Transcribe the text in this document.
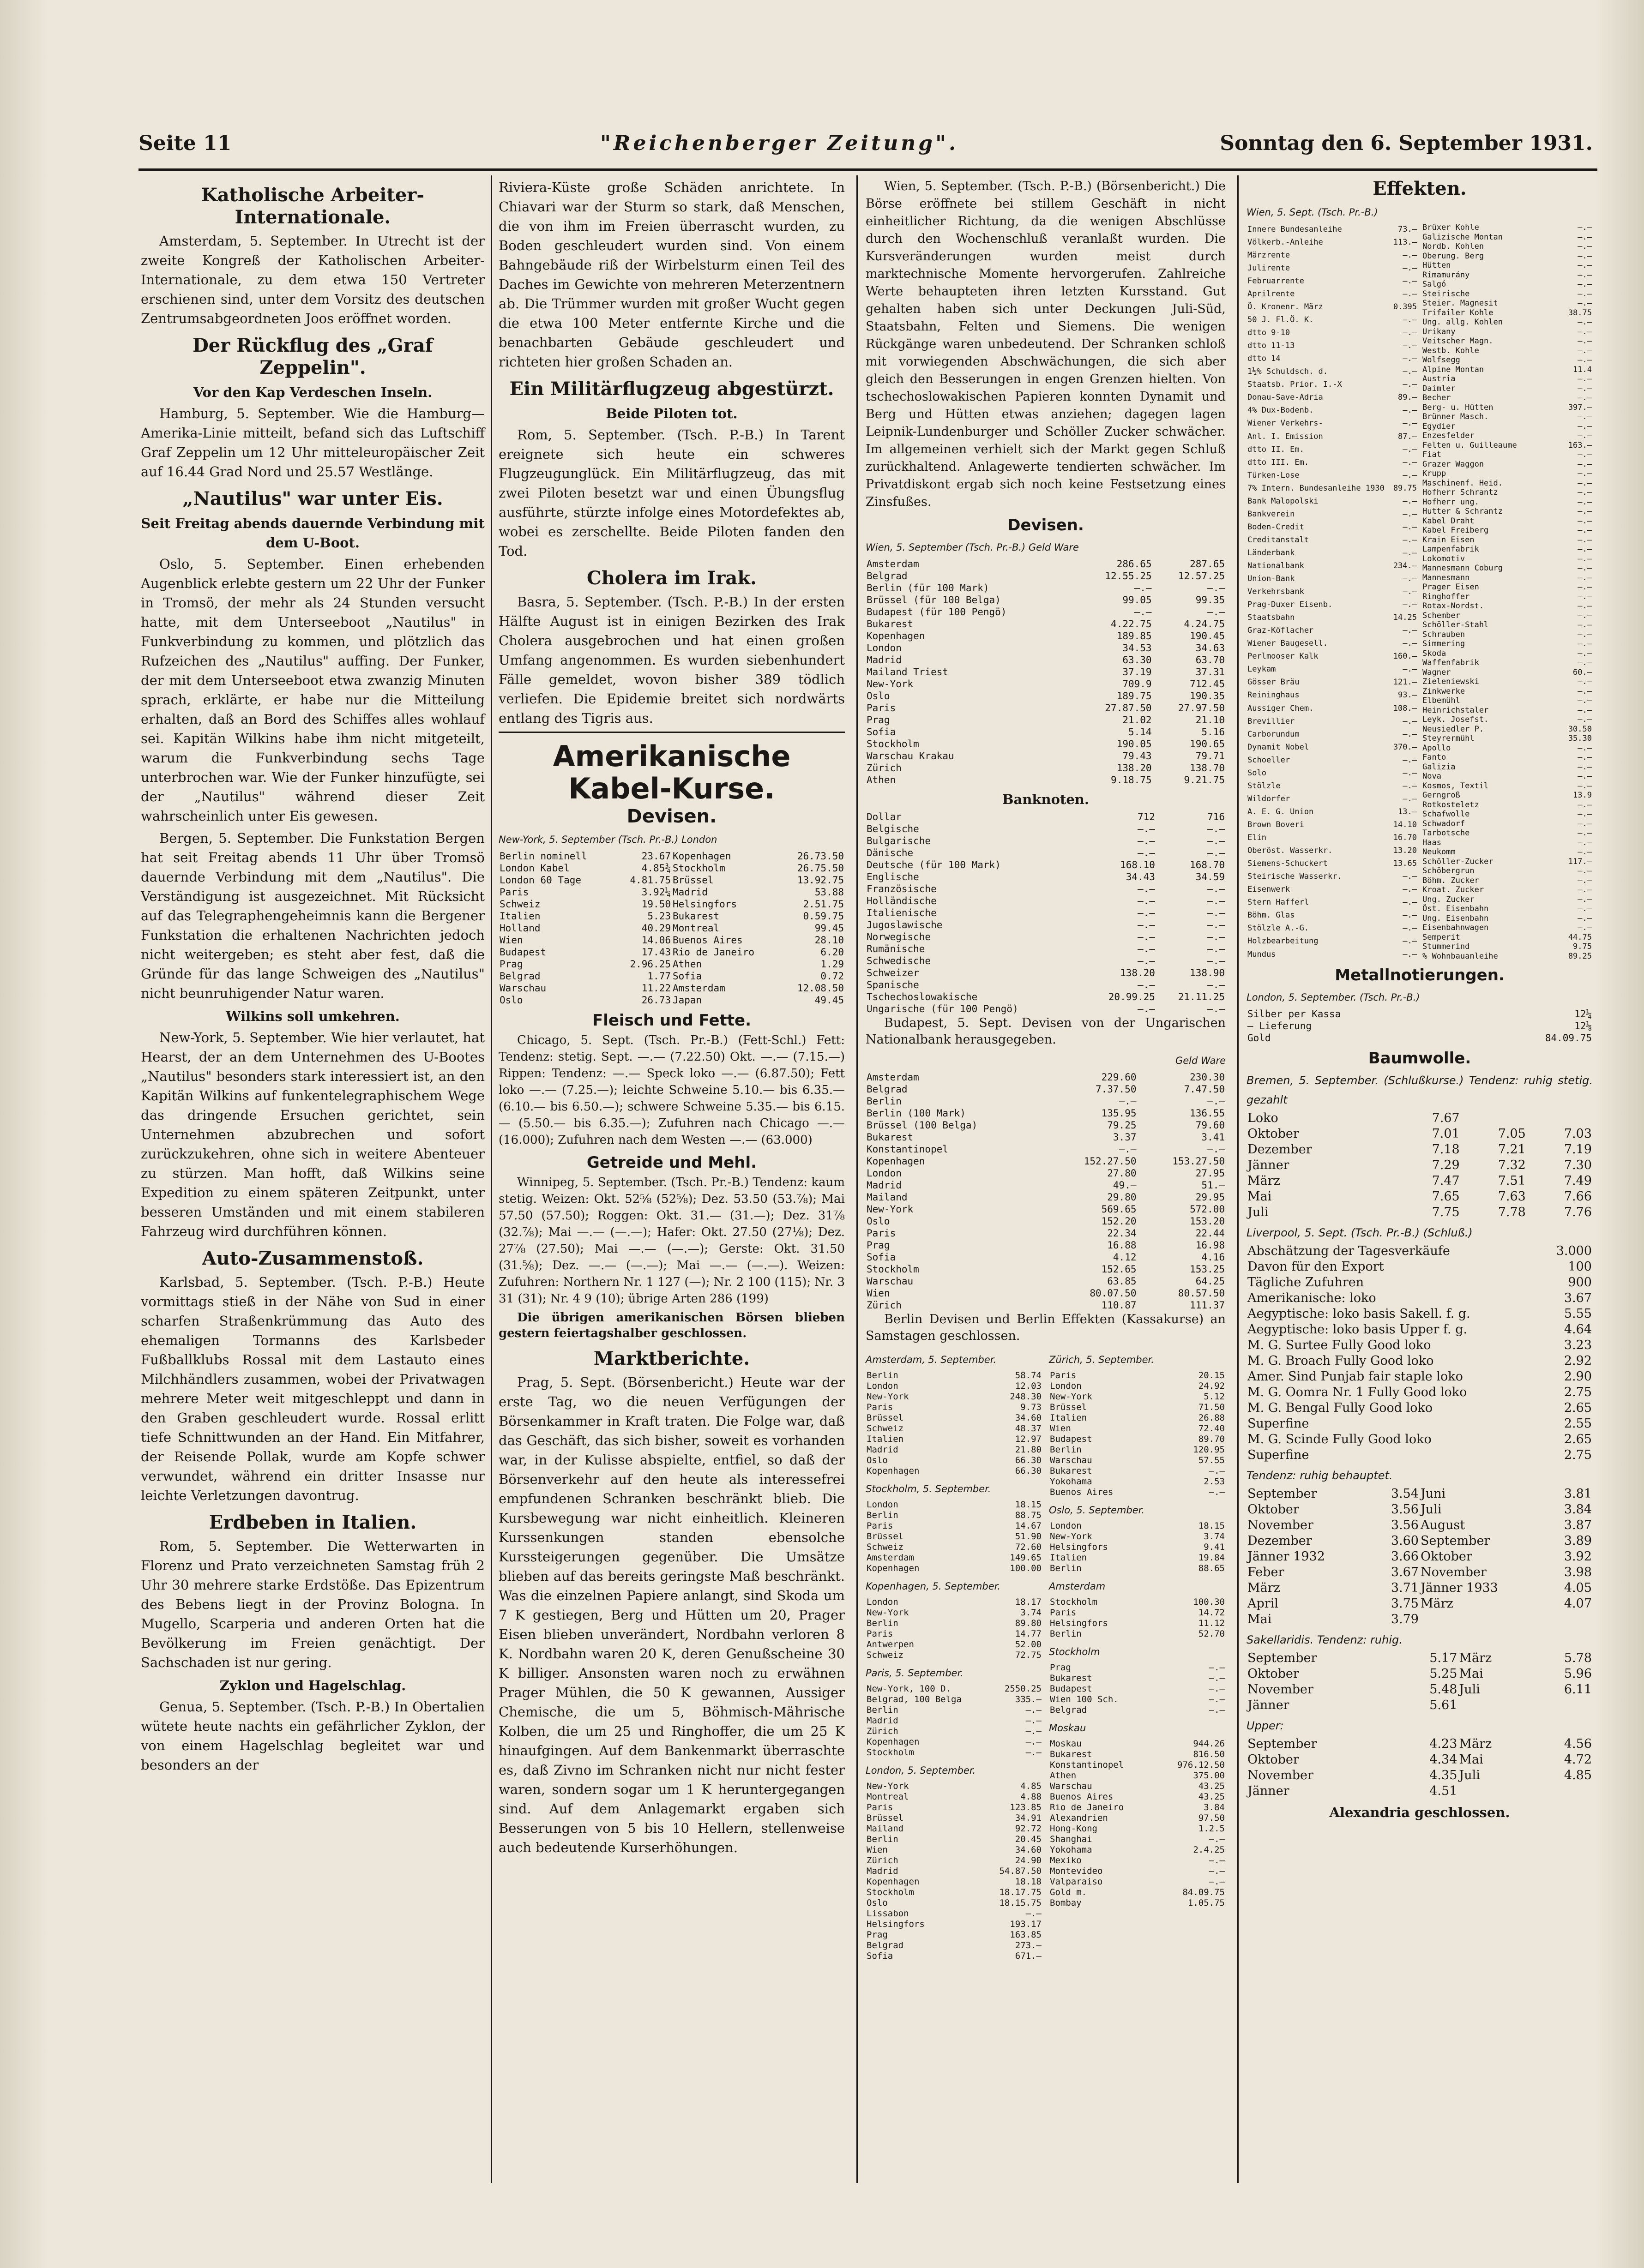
Seite 11	"Reichenberger Zeitung".	Sonntag den 6. September 1931.
Katholische Arbeiter-Internationale.

Amsterdam, 5. September. In Utrecht ist der zweite Kongreß der Katholischen Arbeiter-Internationale, zu dem etwa 150 Vertreter erschienen sind, unter dem Vorsitz des deutschen Zentrumsabgeordneten Joos eröffnet worden.

Der Rückflug des „Graf Zeppelin".
Vor den Kap Verdeschen Inseln.

Hamburg, 5. September. Wie die Hamburg—Amerika-Linie mitteilt, befand sich das Luftschiff Graf Zeppelin um 12 Uhr mitteleuropäischer Zeit auf 16.44 Grad Nord und 25.57 Westlänge.

„Nautilus" war unter Eis.
Seit Freitag abends dauernde Verbindung mit dem U-Boot.

Oslo, 5. September. Einen erhebenden Augenblick erlebte gestern um 22 Uhr der Funker in Tromsö, der mehr als 24 Stunden versucht hatte, mit dem Unterseeboot „Nautilus" in Funkverbindung zu kommen, und plötzlich das Rufzeichen des „Nautilus" auffing. Der Funker, der mit dem Unterseeboot etwa zwanzig Minuten sprach, erklärte, er habe nur die Mitteilung erhalten, daß an Bord des Schiffes alles wohlauf sei. Kapitän Wilkins habe ihm nicht mitgeteilt, warum die Funkverbindung sechs Tage unterbrochen war. Wie der Funker hinzufügte, sei der „Nautilus" während dieser Zeit wahrscheinlich unter Eis gewesen.

Bergen, 5. September. Die Funkstation Bergen hat seit Freitag abends 11 Uhr über Tromsö dauernde Verbindung mit dem „Nautilus". Die Verständigung ist ausgezeichnet. Mit Rücksicht auf das Telegraphengeheimnis kann die Bergener Funkstation die erhaltenen Nachrichten jedoch nicht weitergeben; es steht aber fest, daß die Gründe für das lange Schweigen des „Nautilus" nicht beunruhigender Natur waren.

Wilkins soll umkehren.

New-York, 5. September. Wie hier verlautet, hat Hearst, der an dem Unternehmen des U-Bootes „Nautilus" besonders stark interessiert ist, an den Kapitän Wilkins auf funkentelegraphischem Wege das dringende Ersuchen gerichtet, sein Unternehmen abzubrechen und sofort zurückzukehren, ohne sich in weitere Abenteuer zu stürzen. Man hofft, daß Wilkins seine Expedition zu einem späteren Zeitpunkt, unter besseren Umständen und mit einem stabileren Fahrzeug wird durchführen können.

Auto-Zusammenstoß.

Karlsbad, 5. September. (Tsch. P.-B.) Heute vormittags stieß in der Nähe von Sud in einer scharfen Straßenkrümmung das Auto des ehemaligen Tormanns des Karlsbeder Fußballklubs Rossal mit dem Lastauto eines Milchhändlers zusammen, wobei der Privatwagen mehrere Meter weit mitgeschleppt und dann in den Graben geschleudert wurde. Rossal erlitt tiefe Schnittwunden an der Hand. Ein Mitfahrer, der Reisende Pollak, wurde am Kopfe schwer verwundet, während ein dritter Insasse nur leichte Verletzungen davontrug.

Erdbeben in Italien.

Rom, 5. September. Die Wetterwarten in Florenz und Prato verzeichneten Samstag früh 2 Uhr 30 mehrere starke Erdstöße. Das Epizentrum des Bebens liegt in der Provinz Bologna. In Mugello, Scarperia und anderen Orten hat die Bevölkerung im Freien genächtigt. Der Sachschaden ist nur gering.

Zyklon und Hagelschlag.

Genua, 5. September. (Tsch. P.-B.) In Obertalien wütete heute nachts ein gefährlicher Zyklon, der von einem Hagelschlag begleitet war und besonders an der

Riviera-Küste große Schäden anrichtete. In Chiavari war der Sturm so stark, daß Menschen, die von ihm im Freien überrascht wurden, zu Boden geschleudert wurden sind. Von einem Bahngebäude riß der Wirbelsturm einen Teil des Daches im Gewichte von mehreren Meterzentnern ab. Die Trümmer wurden mit großer Wucht gegen die etwa 100 Meter entfernte Kirche und die benachbarten Gebäude geschleudert und richteten hier großen Schaden an.

Ein Militärflugzeug abgestürzt.
Beide Piloten tot.

Rom, 5. September. (Tsch. P.-B.) In Tarent ereignete sich heute ein schweres Flugzeugunglück. Ein Militärflugzeug, das mit zwei Piloten besetzt war und einen Übungsflug ausführte, stürzte infolge eines Motordefektes ab, wobei es zerschellte. Beide Piloten fanden den Tod.

Cholera im Irak.

Basra, 5. September. (Tsch. P.-B.) In der ersten Hälfte August ist in einigen Bezirken des Irak Cholera ausgebrochen und hat einen großen Umfang angenommen. Es wurden siebenhundert Fälle gemeldet, wovon bisher 389 tödlich verliefen. Die Epidemie breitet sich nordwärts entlang des Tigris aus.

Amerikanische Kabel-Kurse.
Devisen.
New-York, 5. September (Tsch. Pr.-B.) London
Berlin nominell	23.67	Kopenhagen	26.73.50
London Kabel	4.85¾	Stockholm	26.75.50
London 60 Tage	4.81.75	Brüssel	13.92.75
Paris	3.92¼	Madrid	53.88
Schweiz	19.50	Helsingfors	2.51.75
Italien	5.23	Bukarest	0.59.75
Holland	40.29	Montreal	99.45
Wien	14.06	Buenos Aires	28.10
Budapest	17.43	Rio de Janeiro	6.20
Prag	2.96.25	Athen	1.29
Belgrad	1.77	Sofia	0.72
Warschau	11.22	Amsterdam	12.08.50
Oslo	26.73	Japan	49.45
Fleisch und Fette.

Chicago, 5. Sept. (Tsch. Pr.-B.) (Fett-Schl.) Fett: Tendenz: stetig. Sept. —.— (7.22.50) Okt. —.— (7.15.—) Rippen: Tendenz: —.— Speck loko —.— (6.87.50); Fett loko —.— (7.25.—); leichte Schweine 5.10.— bis 6.35.— (6.10.— bis 6.50.—); schwere Schweine 5.35.— bis 6.15.— (5.50.— bis 6.35.—); Zufuhren nach Chicago —.— (16.000); Zufuhren nach dem Westen —.— (63.000)

Getreide und Mehl.

Winnipeg, 5. September. (Tsch. Pr.-B.) Tendenz: kaum stetig. Weizen: Okt. 52⅝ (52⅝); Dez. 53.50 (53.⅞); Mai 57.50 (57.50); Roggen: Okt. 31.— (31.—); Dez. 31⅞ (32.⅞); Mai —.— (—.—); Hafer: Okt. 27.50 (27⅛); Dez. 27⅞ (27.50); Mai —.— (—.—); Gerste: Okt. 31.50 (31.⅝); Dez. —.— (—.—); Mai —.— (—.—). Weizen: Zufuhren: Northern Nr. 1 127 (—); Nr. 2 100 (115); Nr. 3 31 (31); Nr. 4 9 (10); übrige Arten 286 (199)

Die übrigen amerikanischen Börsen blieben gestern feiertagshalber geschlossen.

Marktberichte.

Prag, 5. Sept. (Börsenbericht.) Heute war der erste Tag, wo die neuen Verfügungen der Börsenkammer in Kraft traten. Die Folge war, daß das Geschäft, das sich bisher, soweit es vorhanden war, in der Kulisse abspielte, entfiel, so daß der Börsenverkehr auf den heute als interessefrei empfundenen Schranken beschränkt blieb. Die Kursbewegung war nicht einheitlich. Kleineren Kurssenkungen standen ebensolche Kurssteigerungen gegenüber. Die Umsätze blieben auf das bereits geringste Maß beschränkt. Was die einzelnen Papiere anlangt, sind Skoda um 7 K gestiegen, Berg und Hütten um 20, Prager Eisen blieben unverändert, Nordbahn verloren 8 K. Nordbahn waren 20 K, deren Genußscheine 30 K billiger. Ansonsten waren noch zu erwähnen Prager Mühlen, die 50 K gewannen, Aussiger Chemische, die um 5, Böhmisch-Mährische Kolben, die um 25 und Ringhoffer, die um 25 K hinaufgingen. Auf dem Bankenmarkt überraschte es, daß Zivno im Schranken nicht nur nicht fester waren, sondern sogar um 1 K heruntergegangen sind. Auf dem Anlagemarkt ergaben sich Besserungen von 5 bis 10 Hellern, stellenweise auch bedeutende Kurserhöhungen.

Wien, 5. September. (Tsch. P.-B.) (Börsenbericht.) Die Börse eröffnete bei stillem Geschäft in nicht einheitlicher Richtung, da die wenigen Abschlüsse durch den Wochenschluß veranlaßt wurden. Die Kursveränderungen wurden meist durch marktechnische Momente hervorgerufen. Zahlreiche Werte behaupteten ihren letzten Kursstand. Gut gehalten haben sich unter Deckungen Juli-Süd, Staatsbahn, Felten und Siemens. Die wenigen Rückgänge waren unbedeutend. Der Schranken schloß mit vorwiegenden Abschwächungen, die sich aber gleich den Besserungen in engen Grenzen hielten. Von tschechoslowakischen Papieren konnten Dynamit und Berg und Hütten etwas anziehen; dagegen lagen Leipnik-Lundenburger und Schöller Zucker schwächer. Im allgemeinen verhielt sich der Markt gegen Schluß zurückhaltend. Anlagewerte tendierten schwächer. Im Privatdiskont ergab sich noch keine Festsetzung eines Zinsfußes.

Devisen.
Wien, 5. September (Tsch. Pr.-B.) Geld Ware
Amsterdam	286.65	287.65
Belgrad	12.55.25	12.57.25
Berlin (für 100 Mark)	—.—	—.—
Brüssel (für 100 Belga)	99.05	99.35
Budapest (für 100 Pengö)	—.—	—.—
Bukarest	4.22.75	4.24.75
Kopenhagen	189.85	190.45
London	34.53	34.63
Madrid	63.30	63.70
Mailand Triest	37.19	37.31
New-York	709.9	712.45
Oslo	189.75	190.35
Paris	27.87.50	27.97.50
Prag	21.02	21.10
Sofia	5.14	5.16
Stockholm	190.05	190.65
Warschau Krakau	79.43	79.71
Zürich	138.20	138.70
Athen	9.18.75	9.21.75
Banknoten.
Dollar	712	716
Belgische	—.—	—.—
Bulgarische	—.—	—.—
Dänische	—.—	—.—
Deutsche (für 100 Mark)	168.10	168.70
Englische	34.43	34.59
Französische	—.—	—.—
Holländische	—.—	—.—
Italienische	—.—	—.—
Jugoslawische	—.—	—.—
Norwegische	—.—	—.—
Rumänische	—.—	—.—
Schwedische	—.—	—.—
Schweizer	138.20	138.90
Spanische	—.—	—.—
Tschechoslowakische	20.99.25	21.11.25
Ungarische (für 100 Pengö)	—.—	—.—

Budapest, 5. Sept. Devisen von der Ungarischen Nationalbank herausgegeben.

Geld Ware
Amsterdam	229.60	230.30
Belgrad	7.37.50	7.47.50
Berlin	—.—	—.—
Berlin (100 Mark)	135.95	136.55
Brüssel (100 Belga)	79.25	79.60
Bukarest	3.37	3.41
Konstantinopel	—.—	—.—
Kopenhagen	152.27.50	153.27.50
London	27.80	27.95
Madrid	49.—	51.—
Mailand	29.80	29.95
New-York	569.65	572.00
Oslo	152.20	153.20
Paris	22.34	22.44
Prag	16.88	16.98
Sofia	4.12	4.16
Stockholm	152.65	153.25
Warschau	63.85	64.25
Wien	80.07.50	80.57.50
Zürich	110.87	111.37

Berlin Devisen und Berlin Effekten (Kassakurse) an Samstagen geschlossen.

Amsterdam, 5. September.
Berlin	58.74
London	12.03
New-York	248.30
Paris	9.73
Brüssel	34.60
Schweiz	48.37
Italien	12.97
Madrid	21.80
Oslo	66.30
Kopenhagen	66.30
Stockholm, 5. September.
London	18.15
Berlin	88.75
Paris	14.67
Brüssel	51.90
Schweiz	72.60
Amsterdam	149.65
Kopenhagen	100.00
Kopenhagen, 5. September.
London	18.17
New-York	3.74
Berlin	89.80
Paris	14.77
Antwerpen	52.00
Schweiz	72.75
Paris, 5. September.
New-York, 100 D.	2550.25
Belgrad, 100 Belga	335.—
Berlin	—.—
Madrid	—.—
Zürich	—.—
Kopenhagen	—.—
Stockholm	—.—
London, 5. September.
New-York	4.85
Montreal	4.88
Paris	123.85
Brüssel	34.91
Mailand	92.72
Berlin	20.45
Wien	34.60
Zürich	24.90
Madrid	54.87.50
Kopenhagen	18.18
Stockholm	18.17.75
Oslo	18.15.75
Lissabon	—.—
Helsingfors	193.17
Prag	163.85
Belgrad	273.—
Sofia	671.—
Zürich, 5. September.
Paris	20.15
London	24.92
New-York	5.12
Brüssel	71.50
Italien	26.88
Wien	72.40
Budapest	89.70
Berlin	120.95
Warschau	57.55
Bukarest	—.—
Yokohama	2.53
Buenos Aires	—.—
Oslo, 5. September.
London	18.15
New-York	3.74
Helsingfors	9.41
Italien	19.84
Berlin	88.65
Amsterdam
Stockholm	100.30
Paris	14.72
Helsingfors	11.12
Berlin	52.70
Stockholm
Prag	—.—
Bukarest	—.—
Budapest	—.—
Wien 100 Sch.	—.—
Belgrad	—.—
Moskau
Moskau	944.26
Bukarest	816.50
Konstantinopel	976.12.50
Athen	375.00
Warschau	43.25
Buenos Aires	43.25
Rio de Janeiro	3.84
Alexandrien	97.50
Hong-Kong	1.2.5
Shanghai	—.—
Yokohama	2.4.25
Mexiko	—.—
Montevideo	—.—
Valparaiso	—.—
Gold m.	84.09.75
Bombay	1.05.75
Effekten.
Wien, 5. Sept. (Tsch. Pr.-B.)
Innere Bundesanleihe	73.—
Völkerb.-Anleihe	113.—
Märzrente	—.—
Julirente	—.—
Februarrente	—.—
Aprilrente	—.—
Ö. Kronenr. März	0.395
50 J. Fl.Ö. K.	—.—
dtto 9-10	—.—
dtto 11-13	—.—
dtto 14	—.—
1½% Schuldsch. d.	—.—
Staatsb. Prior. I.-X	—.—
Donau-Save-Adria	89.—
4% Dux-Bodenb.	—.—
Wiener Verkehrs-	—.—
Anl. I. Emission	87.—
dtto II. Em.	—.—
dtto III. Em.	—.—
Türken-Lose	—.—
7% Intern. Bundesanleihe 1930	89.75
Bank Malopolski	—.—
Bankverein	—.—
Boden-Credit	—.—
Creditanstalt	—.—
Länderbank	—.—
Nationalbank	234.—
Union-Bank	—.—
Verkehrsbank	—.—
Prag-Duxer Eisenb.	—.—
Staatsbahn	14.25
Graz-Köflacher	—.—
Wiener Baugesell.	—.—
Perlmooser Kalk	160.—
Leykam	—.—
Gösser Bräu	121.—
Reininghaus	93.—
Aussiger Chem.	108.—
Brevillier	—.—
Carborundum	—.—
Dynamit Nobel	370.—
Schoeller	—.—
Solo	—.—
Stölzle	—.—
Wildorfer	—.—
A. E. G. Union	13.—
Brown Boveri	14.10
Elin	16.70
Oberöst. Wasserkr.	13.20
Siemens-Schuckert	13.65
Steirische Wasserkr.	—.—
Eisenwerk	—.—
Stern Hafferl	—.—
Böhm. Glas	—.—
Stölzle A.-G.	—.—
Holzbearbeitung	—.—
Mundus	—.—
Brüxer Kohle	—.—
Galizische Montan	—.—
Nordb. Kohlen	—.—
Oberung. Berg	—.—
Hütten	—.—
Rimamurány	—.—
Salgó	—.—
Steirische	—.—
Steier. Magnesit	—.—
Trifailer Kohle	38.75
Ung. allg. Kohlen	—.—
Urikany	—.—
Veitscher Magn.	—.—
Westb. Kohle	—.—
Wolfsegg	—.—
Alpine Montan	11.4
Austria	—.—
Daimler	—.—
Becher	—.—
Berg- u. Hütten	397.—
Brünner Masch.	—.—
Egydier	—.—
Enzesfelder	—.—
Felten u. Guilleaume	163.—
Fiat	—.—
Grazer Waggon	—.—
Krupp	—.—
Maschinenf. Heid.	—.—
Hofherr Schrantz	—.—
Hofherr ung.	—.—
Hutter & Schrantz	—.—
Kabel Draht	—.—
Kabel Freiberg	—.—
Krain Eisen	—.—
Lampenfabrik	—.—
Lokomotiv	—.—
Mannesmann Coburg	—.—
Mannesmann	—.—
Prager Eisen	—.—
Ringhoffer	—.—
Rotax-Nordst.	—.—
Schember	—.—
Schöller-Stahl	—.—
Schrauben	—.—
Simmering	—.—
Skoda	—.—
Waffenfabrik	—.—
Wagner	60.—
Zieleniewski	—.—
Zinkwerke	—.—
Elbemühl	—.—
Heinrichstaler	—.—
Leyk. Josefst.	—.—
Neusiedler P.	30.50
Steyrermühl	35.30
Apollo	—.—
Fanto	—.—
Galizia	—.—
Nova	—.—
Kosmos, Textil	—.—
Gerngroß	13.9
Rotkosteletz	—.—
Schafwolle	—.—
Schwadorf	—.—
Tarbotsche	—.—
Haas	—.—
Neukomm	—.—
Schöller-Zucker	117.—
Schöbergrun	—.—
Böhm. Zucker	—.—
Kroat. Zucker	—.—
Ung. Zucker	—.—
Öst. Eisenbahn	—.—
Ung. Eisenbahn	—.—
Eisenbahnwagen	—.—
Semperit	44.75
Stummerind	9.75
% Wohnbauanleihe	89.25
Metallnotierungen.
London, 5. September. (Tsch. Pr.-B.)
Silber per Kassa	12¼
— Lieferung	12⅛
Gold	84.09.75
Baumwolle.
Bremen, 5. September. (Schlußkurse.) Tendenz: ruhig stetig. gezahlt
Loko	7.67		
Oktober	7.01	7.05	7.03
Dezember	7.18	7.21	7.19
Jänner	7.29	7.32	7.30
März	7.47	7.51	7.49
Mai	7.65	7.63	7.66
Juli	7.75	7.78	7.76
Liverpool, 5. Sept. (Tsch. Pr.-B.) (Schluß.)
Abschätzung der Tagesverkäufe	3.000
Davon für den Export	100
Tägliche Zufuhren	900
Amerikanische: loko	3.67
Aegyptische: loko basis Sakell. f. g.	5.55
Aegyptische: loko basis Upper f. g.	4.64
M. G. Surtee Fully Good loko	3.23
M. G. Broach Fully Good loko	2.92
Amer. Sind Punjab fair staple loko	2.90
M. G. Oomra Nr. 1 Fully Good loko	2.75
M. G. Bengal Fully Good loko	2.65
Superfine	2.55
M. G. Scinde Fully Good loko	2.65
Superfine	2.75
Tendenz: ruhig behauptet.
September	3.54	Juni	3.81
Oktober	3.56	Juli	3.84
November	3.56	August	3.87
Dezember	3.60	September	3.89
Jänner 1932	3.66	Oktober	3.92
Feber	3.67	November	3.98
März	3.71	Jänner 1933	4.05
April	3.75	März	4.07
Mai	3.79		
Sakellaridis. Tendenz: ruhig.
September	5.17	März	5.78
Oktober	5.25	Mai	5.96
November	5.48	Juli	6.11
Jänner	5.61		
Upper:
September	4.23	März	4.56
Oktober	4.34	Mai	4.72
November	4.35	Juli	4.85
Jänner	4.51		
Alexandria geschlossen.
